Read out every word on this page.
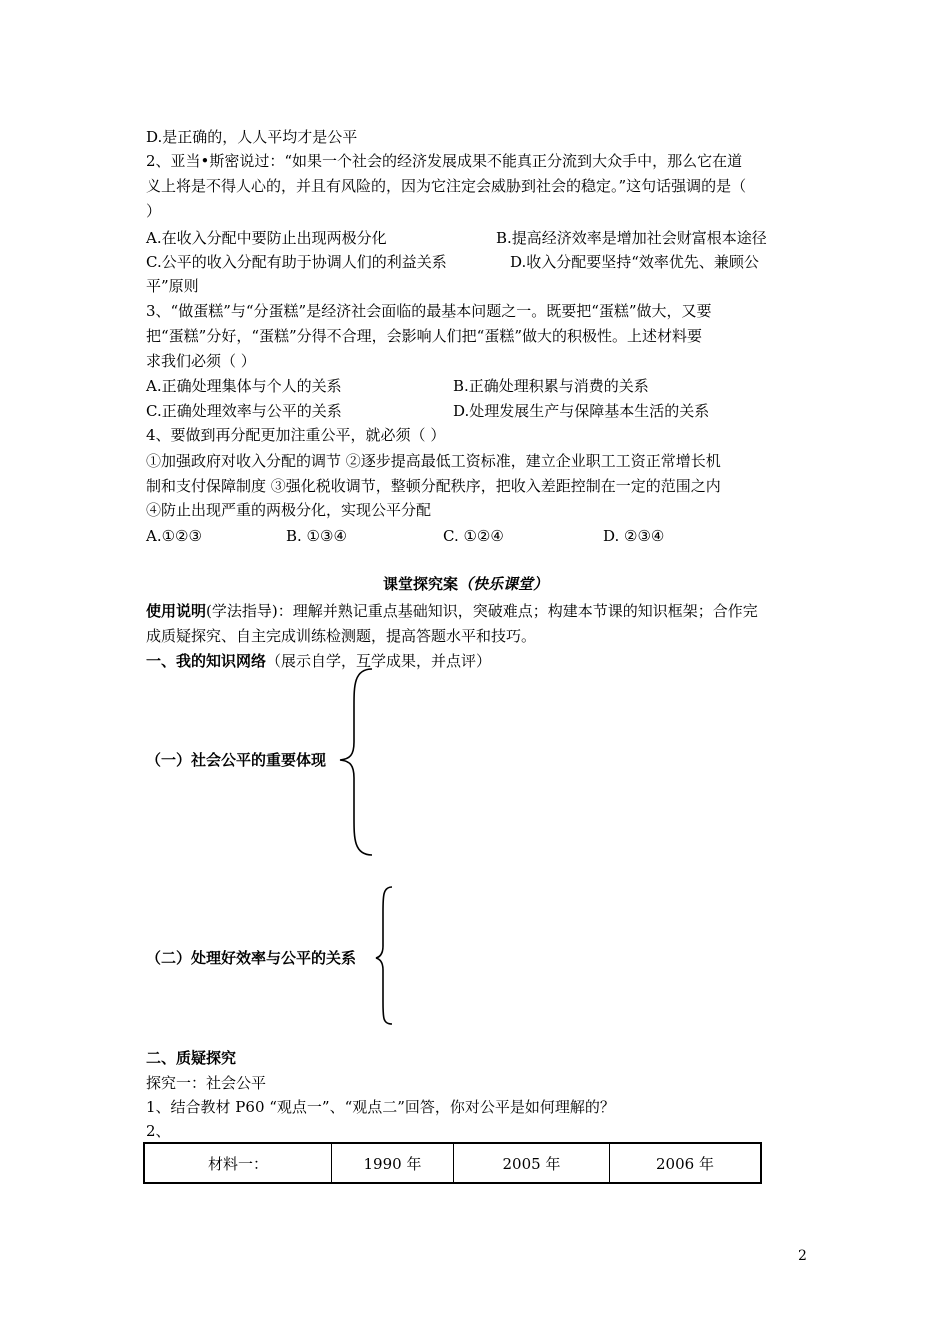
D.是正确的，人人平均才是公平
2、亚当•斯密说过：“如果一个社会的经济发展成果不能真正分流到大众手中，那么它在道
义上将是不得人心的，并且有风险的，因为它注定会威胁到社会的稳定。”这句话强调的是（
）
A.在收入分配中要防止出现两极分化	B.提高经济效率是增加社会财富根本途径
C.公平的收入分配有助于协调人们的利益关系	D.收入分配要坚持“效率优先、兼顾公
平”原则
3、“做蛋糕”与“分蛋糕”是经济社会面临的最基本问题之一。既要把“蛋糕”做大，又要
把“蛋糕”分好，“蛋糕”分得不合理，会影响人们把“蛋糕”做大的积极性。上述材料要
求我们必须（ ）
A.正确处理集体与个人的关系	B.正确处理积累与消费的关系
C.正确处理效率与公平的关系	D.处理发展生产与保障基本生活的关系
4、要做到再分配更加注重公平，就必须（ ）
①加强政府对收入分配的调节 ②逐步提高最低工资标准，建立企业职工工资正常增长机
制和支付保障制度 ③强化税收调节，整顿分配秩序，把收入差距控制在一定的范围之内
④防止出现严重的两极分化，实现公平分配
A.①②③	B. ①③④	C. ①②④	D. ②③④
课堂探究案（快乐课堂）
使用说明(学法指导)：理解并熟记重点基础知识，突破难点；构建本节课的知识框架；合作完
成质疑探究、自主完成训练检测题，提高答题水平和技巧。
一、我的知识网络（展示自学，互学成果，并点评）
（一）社会公平的重要体现
（二）处理好效率与公平的关系
二、质疑探究
探究一：社会公平
1、结合教材 P60 “观点一”、“观点二”回答，你对公平是如何理解的？
2、
材料一：	1990 年	2005 年	2006 年
2
